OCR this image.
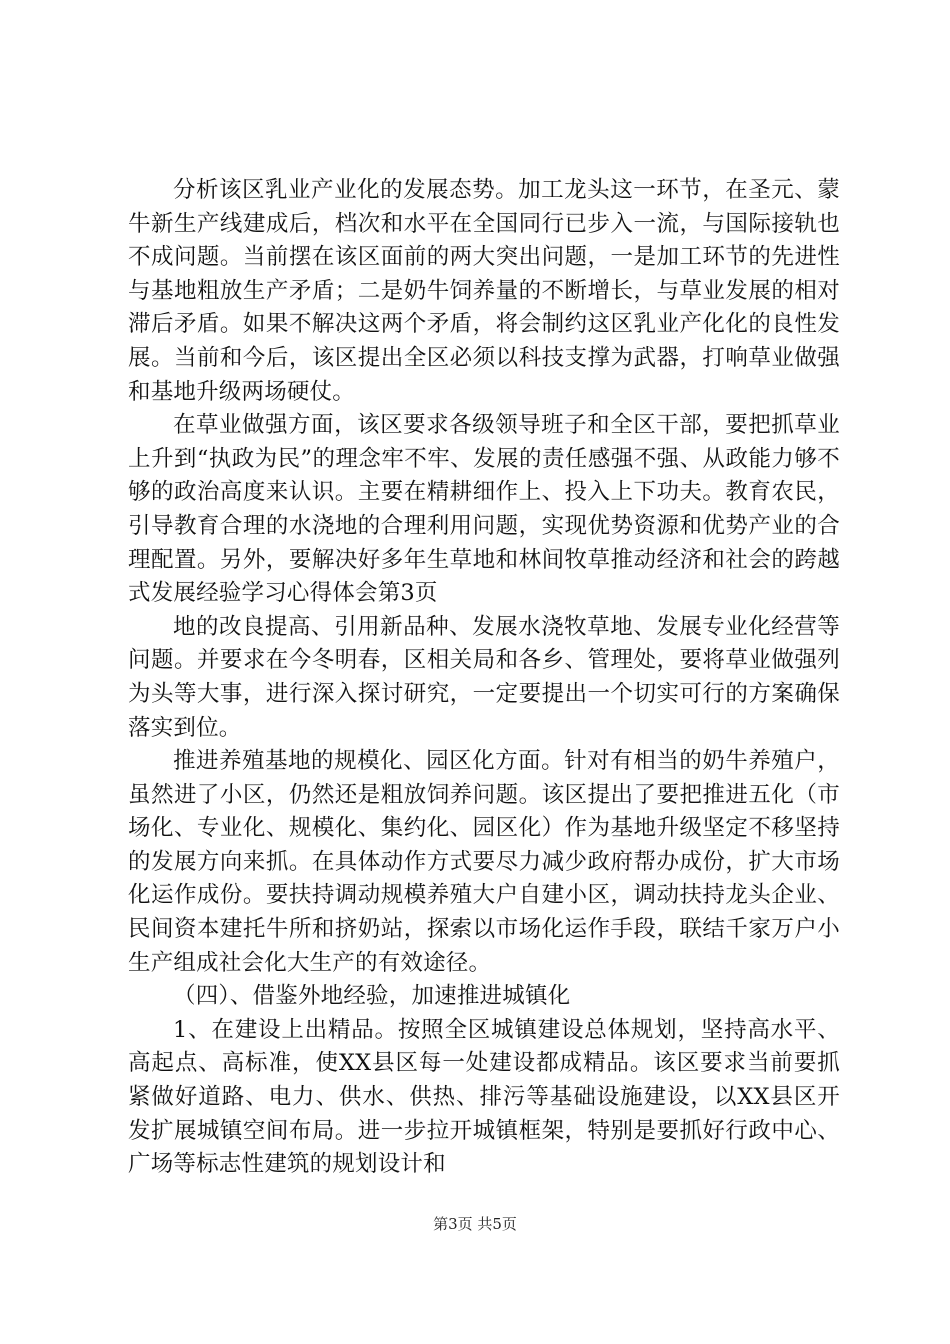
分析该区乳业产业化的发展态势。加工龙头这一环节，在圣元、蒙牛新生产线建成后，档次和水平在全国同行已步入一流，与国际接轨也不成问题。当前摆在该区面前的两大突出问题，一是加工环节的先进性与基地粗放生产矛盾；二是奶牛饲养量的不断增长，与草业发展的相对滞后矛盾。如果不解决这两个矛盾，将会制约这区乳业产化化的良性发展。当前和今后，该区提出全区必须以科技支撑为武器，打响草业做强和基地升级两场硬仗。

在草业做强方面，该区要求各级领导班子和全区干部，要把抓草业上升到“执政为民”的理念牢不牢、发展的责任感强不强、从政能力够不够的政治高度来认识。主要在精耕细作上、投入上下功夫。教育农民，引导教育合理的水浇地的合理利用问题，实现优势资源和优势产业的合理配置。另外，要解决好多年生草地和林间牧草推动经济和社会的跨越式发展经验学习心得体会第3页

地的改良提高、引用新品种、发展水浇牧草地、发展专业化经营等问题。并要求在今冬明春，区相关局和各乡、管理处，要将草业做强列为头等大事，进行深入探讨研究，一定要提出一个切实可行的方案确保落实到位。

推进养殖基地的规模化、园区化方面。针对有相当的奶牛养殖户，虽然进了小区，仍然还是粗放饲养问题。该区提出了要把推进五化（市场化、专业化、规模化、集约化、园区化）作为基地升级坚定不移坚持的发展方向来抓。在具体动作方式要尽力减少政府帮办成份，扩大市场化运作成份。要扶持调动规模养殖大户自建小区，调动扶持龙头企业、民间资本建托牛所和挤奶站，探索以市场化运作手段，联结千家万户小生产组成社会化大生产的有效途径。

（四）、借鉴外地经验，加速推进城镇化

1、在建设上出精品。按照全区城镇建设总体规划，坚持高水平、高起点、高标准，使XX县区每一处建设都成精品。该区要求当前要抓紧做好道路、电力、供水、供热、排污等基础设施建设，以XX县区开发扩展城镇空间布局。进一步拉开城镇框架，特别是要抓好行政中心、广场等标志性建筑的规划设计和

第3页 共5页
